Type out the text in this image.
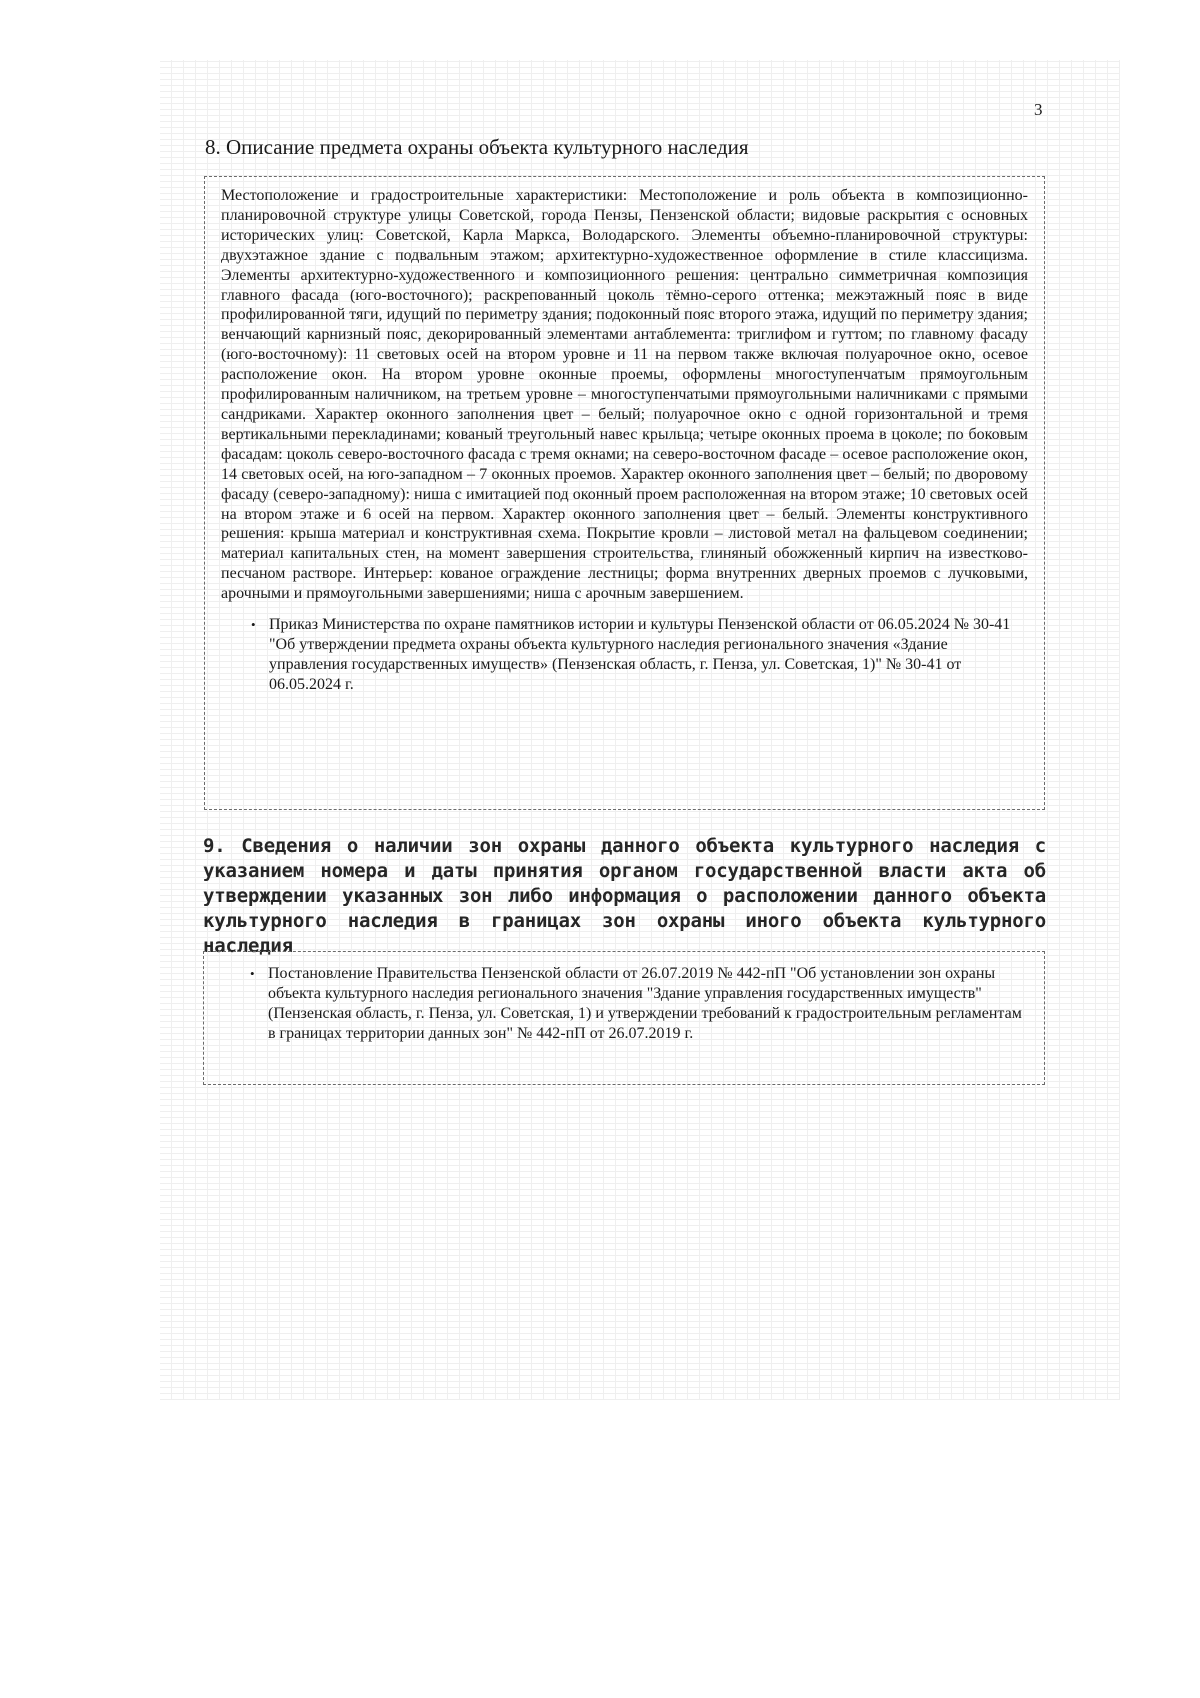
3
8. Описание предмета охраны объекта культурного наследия

Местоположение и градостроительные характеристики: Местоположение и роль объекта в композиционно-планировочной структуре улицы Советской, города Пензы, Пензенской области; видовые раскрытия с основных исторических улиц: Советской, Карла Маркса, Володарского. Элементы объемно-планировочной структуры: двухэтажное здание с подвальным этажом; архитектурно-художественное оформление в стиле классицизма. Элементы архитектурно-художественного и композиционного решения: центрально симметричная композиция главного фасада (юго-восточного); раскрепованный цоколь тёмно-серого оттенка; межэтажный пояс в виде профилированной тяги, идущий по периметру здания; подоконный пояс второго этажа, идущий по периметру здания; венчающий карнизный пояс, декорированный элементами антаблемента: триглифом и гуттом; по главному фасаду (юго-восточному): 11 световых осей на втором уровне и 11 на первом также включая полуарочное окно, осевое расположение окон. На втором уровне оконные проемы, оформлены многоступенчатым прямоугольным профилированным наличником, на третьем уровне – многоступенчатыми прямоугольными наличниками с прямыми сандриками. Характер оконного заполнения цвет – белый; полуарочное окно с одной горизонтальной и тремя вертикальными перекладинами; кованый треугольный навес крыльца; четыре оконных проема в цоколе; по боковым фасадам: цоколь северо-восточного фасада с тремя окнами; на северо-восточном фасаде – осевое расположение окон, 14 световых осей, на юго-западном – 7 оконных проемов. Характер оконного заполнения цвет – белый; по дворовому фасаду (северо-западному): ниша с имитацией под оконный проем расположенная на втором этаже; 10 световых осей на втором этаже и 6 осей на первом. Характер оконного заполнения цвет – белый. Элементы конструктивного решения: крыша материал и конструктивная схема. Покрытие кровли – листовой метал на фальцевом соединении; материал капитальных стен, на момент завершения строительства, глиняный обожженный кирпич на известково-песчаном растворе. Интерьер: кованое ограждение лестницы; форма внутренних дверных проемов с лучковыми, арочными и прямоугольными завершениями; ниша с арочным завершением.

• Приказ Министерства по охране памятников истории и культуры Пензенской области от 06.05.2024 № 30-41 "Об утверждении предмета охраны объекта культурного наследия регионального значения «Здание управления государственных имуществ» (Пензенская область, г. Пенза, ул. Советская, 1)" № 30-41 от 06.05.2024 г.
9. Сведения о наличии зон охраны данного объекта культурного наследия с указанием номера и даты принятия органом государственной власти акта об утверждении указанных зон либо информация о расположении данного объекта культурного наследия в границах зон охраны иного объекта культурного наследия
• Постановление Правительства Пензенской области от 26.07.2019 № 442-пП "Об установлении зон охраны объекта культурного наследия регионального значения "Здание управления государственных имуществ" (Пензенская область, г. Пенза, ул. Советская, 1) и утверждении требований к градостроительным регламентам в границах территории данных зон" № 442-пП от 26.07.2019 г.
